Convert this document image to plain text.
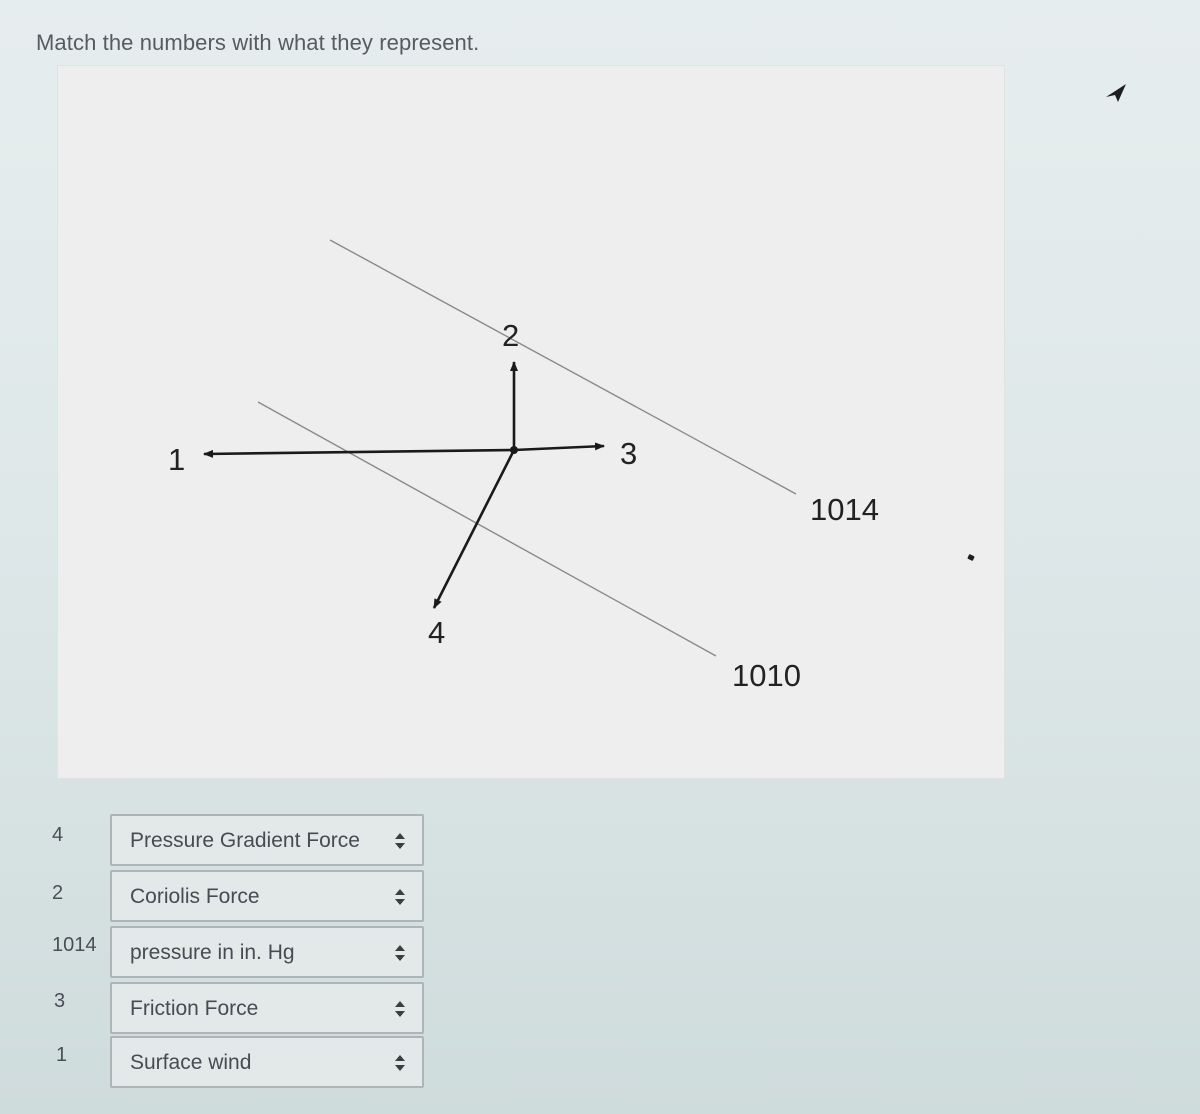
Match the numbers with what they represent.
1
2
3
4
1014
1010
4	Pressure Gradient Force
2	Coriolis Force
1014 pressure in in. Hg
3	Friction Force
1	Surface wind
